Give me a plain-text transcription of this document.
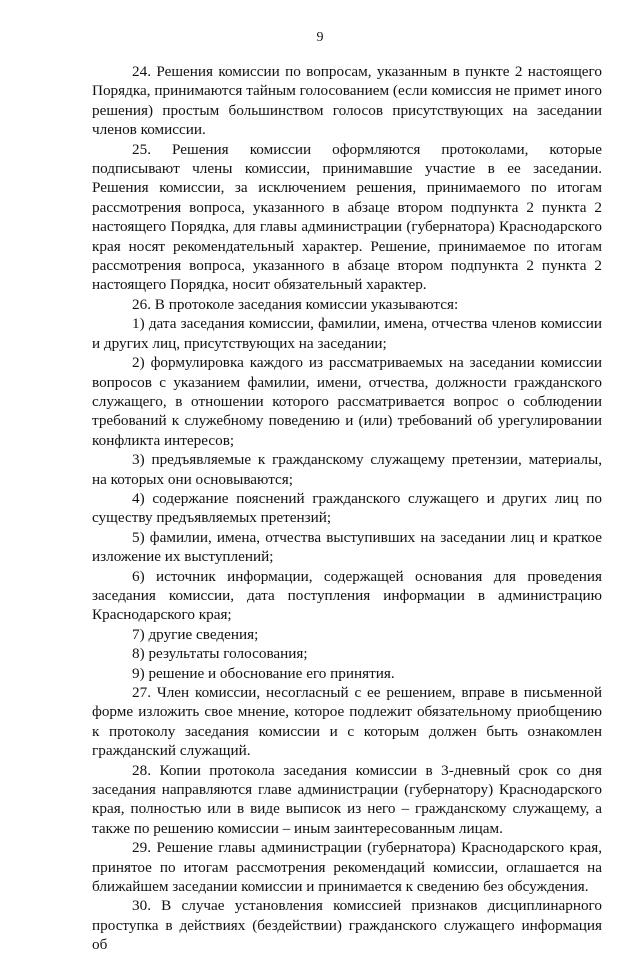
9

24. Решения комиссии по вопросам, указанным в пункте 2 настоящего Порядка, принимаются тайным голосованием (если комиссия не примет иного решения) простым большинством голосов присутствующих на заседании членов комиссии.

25. Решения комиссии оформляются протоколами, которые подписывают члены комиссии, принимавшие участие в ее заседании. Решения комиссии, за исключением решения, принимаемого по итогам рассмотрения вопроса, указанного в абзаце втором подпункта 2 пункта 2 настоящего Порядка, для главы администрации (губернатора) Краснодарского края носят рекомендательный характер. Решение, принимаемое по итогам рассмотрения вопроса, указанного в абзаце втором подпункта 2 пункта 2 настоящего Порядка, носит обязательный характер.

26. В протоколе заседания комиссии указываются:

1) дата заседания комиссии, фамилии, имена, отчества членов комиссии и других лиц, присутствующих на заседании;

2) формулировка каждого из рассматриваемых на заседании комиссии вопросов с указанием фамилии, имени, отчества, должности гражданского служащего, в отношении которого рассматривается вопрос о соблюдении требований к служебному поведению и (или) требований об урегулировании конфликта интересов;

3) предъявляемые к гражданскому служащему претензии, материалы, на которых они основываются;

4) содержание пояснений гражданского служащего и других лиц по существу предъявляемых претензий;

5) фамилии, имена, отчества выступивших на заседании лиц и краткое изложение их выступлений;

6) источник информации, содержащей основания для проведения заседания комиссии, дата поступления информации в администрацию Краснодарского края;

7) другие сведения;

8) результаты голосования;

9) решение и обоснование его принятия.

27. Член комиссии, несогласный с ее решением, вправе в письменной форме изложить свое мнение, которое подлежит обязательному приобщению к протоколу заседания комиссии и с которым должен быть ознакомлен гражданский служащий.

28. Копии протокола заседания комиссии в 3-дневный срок со дня заседания направляются главе администрации (губернатору) Краснодарского края, полностью или в виде выписок из него – гражданскому служащему, а также по решению комиссии – иным заинтересованным лицам.

29. Решение главы администрации (губернатора) Краснодарского края, принятое по итогам рассмотрения рекомендаций комиссии, оглашается на ближайшем заседании комиссии и принимается к сведению без обсуждения.

30. В случае установления комиссией признаков дисциплинарного проступка в действиях (бездействии) гражданского служащего информация об
